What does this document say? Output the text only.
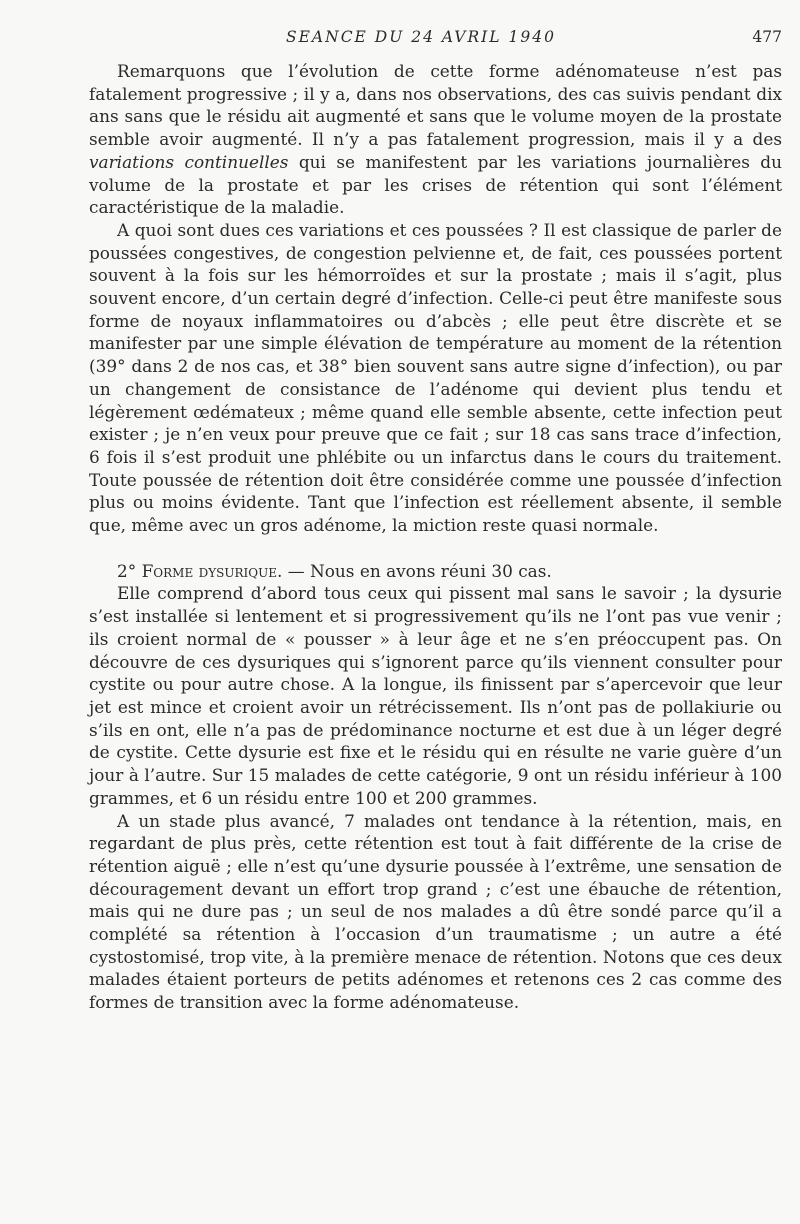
SEANCE DU 24 AVRIL 1940	477

Remarquons que l’évolution de cette forme adénomateuse n’est pas fatalement progressive ; il y a, dans nos observations, des cas suivis pendant dix ans sans que le résidu ait augmenté et sans que le volume moyen de la prostate semble avoir augmenté. Il n’y a pas fatalement progression, mais il y a des variations continuelles qui se manifestent par les variations journalières du volume de la prostate et par les crises de rétention qui sont l’élément caractéristique de la maladie.

A quoi sont dues ces variations et ces poussées ? Il est classique de parler de poussées congestives, de congestion pelvienne et, de fait, ces poussées portent souvent à la fois sur les hémorroïdes et sur la prostate ; mais il s’agit, plus souvent encore, d’un certain degré d’infection. Celle-ci peut être manifeste sous forme de noyaux inflammatoires ou d’abcès ; elle peut être discrète et se manifester par une simple élévation de température au moment de la rétention (39° dans 2 de nos cas, et 38° bien souvent sans autre signe d’infection), ou par un changement de consistance de l’adénome qui devient plus tendu et légèrement œdémateux ; même quand elle semble absente, cette infection peut exister ; je n’en veux pour preuve que ce fait ; sur 18 cas sans trace d’infection, 6 fois il s’est produit une phlébite ou un infarctus dans le cours du traitement. Toute poussée de rétention doit être considérée comme une poussée d’infection plus ou moins évidente. Tant que l’infection est réellement absente, il semble que, même avec un gros adénome, la miction reste quasi normale.

2° Forme dysurique. — Nous en avons réuni 30 cas.

Elle comprend d’abord tous ceux qui pissent mal sans le savoir ; la dysurie s’est installée si lentement et si progressivement qu’ils ne l’ont pas vue venir ; ils croient normal de « pousser » à leur âge et ne s’en préoccupent pas. On découvre de ces dysuriques qui s’ignorent parce qu’ils viennent consulter pour cystite ou pour autre chose. A la longue, ils finissent par s’apercevoir que leur jet est mince et croient avoir un rétrécissement. Ils n’ont pas de pollakiurie ou s’ils en ont, elle n’a pas de prédominance nocturne et est due à un léger degré de cystite. Cette dysurie est fixe et le résidu qui en résulte ne varie guère d’un jour à l’autre. Sur 15 malades de cette catégorie, 9 ont un résidu inférieur à 100 grammes, et 6 un résidu entre 100 et 200 grammes.

A un stade plus avancé, 7 malades ont tendance à la rétention, mais, en regardant de plus près, cette rétention est tout à fait différente de la crise de rétention aiguë ; elle n’est qu’une dysurie poussée à l’extrême, une sensation de découragement devant un effort trop grand ; c’est une ébauche de rétention, mais qui ne dure pas ; un seul de nos malades a dû être sondé parce qu’il a complété sa rétention à l’occasion d’un traumatisme ; un autre a été cystostomisé, trop vite, à la première menace de rétention. Notons que ces deux malades étaient porteurs de petits adénomes et retenons ces 2 cas comme des formes de transition avec la forme adénomateuse.
